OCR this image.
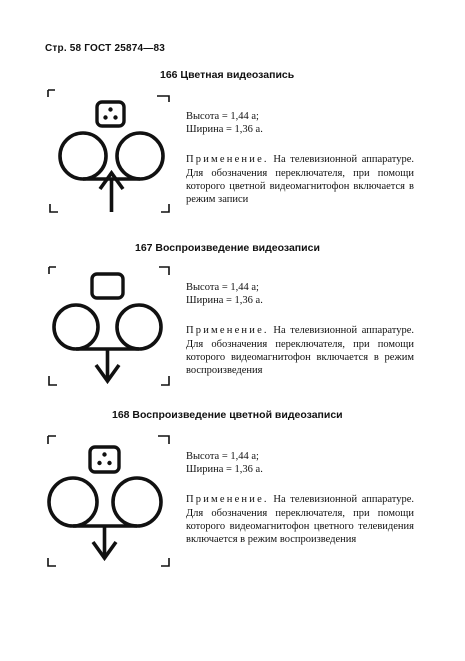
Стр. 58 ГОСТ 25874—83
166 Цветная видеозапись
Высота = 1,44 a;
Ширина = 1,36 a.
Применение. На телевизионной аппаратуре. Для обозначения переключателя, при помощи которого цветной видеомагнитофон включается в режим записи
167 Воспроизведение видеозаписи
Высота = 1,44 a;
Ширина = 1,36 a.
Применение. На телевизионной аппаратуре. Для обозначения переключателя, при помощи которого видеомагнитофон включается в режим воспроизведения
168 Воспроизведение цветной видеозаписи
Высота = 1,44 a;
Ширина = 1,36 a.
Применение. На телевизионной аппаратуре. Для обозначения переключателя, при помощи которого видеомагнитофон цветного телевидения включается в режим воспроизведения
